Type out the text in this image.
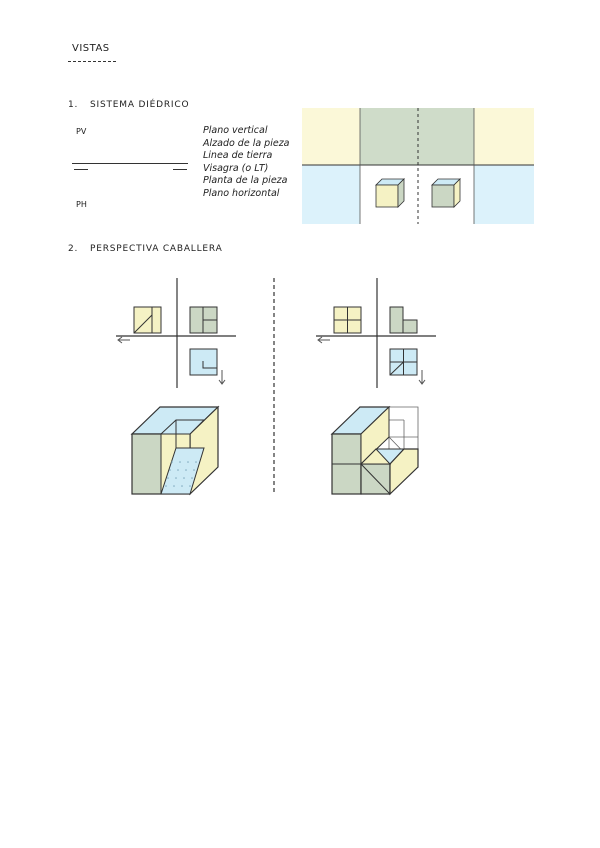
VISTAS
1. SISTEMA DIÉDRICO
PV
PH
Plano vertical
Alzado de la pieza
Linea de tierra
Visagra (o LT)
Planta de la pieza
Plano horizontal
2. PERSPECTIVA CABALLERA
